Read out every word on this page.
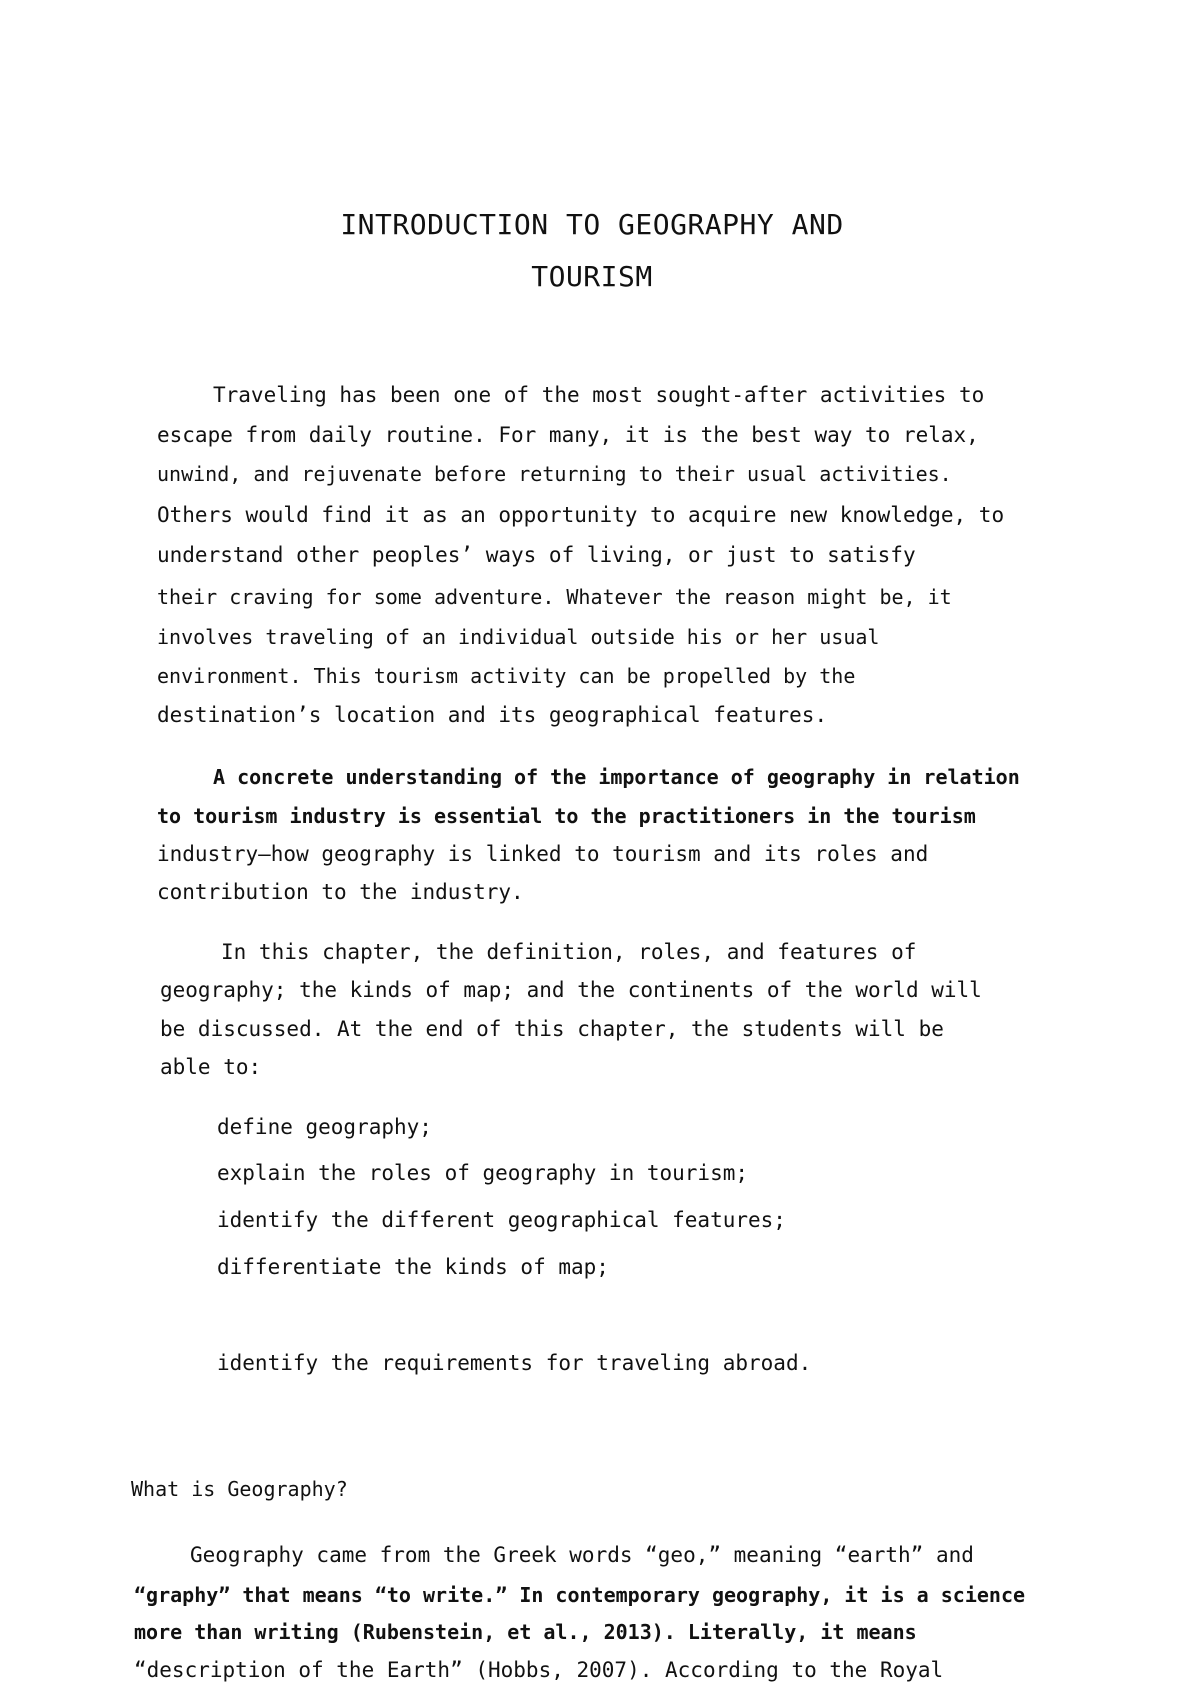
INTRODUCTION TO GEOGRAPHY AND
TOURISM

Traveling has been one of the most sought-after activities to

escape from daily routine. For many, it is the best way to relax,

unwind, and rejuvenate before returning to their usual activities.

Others would find it as an opportunity to acquire new knowledge, to

understand other peoples’ ways of living, or just to satisfy

their craving for some adventure. Whatever the reason might be, it

involves traveling of an individual outside his or her usual

environment. This tourism activity can be propelled by the

destination’s location and its geographical features.

A concrete understanding of the importance of geography in relation

to tourism industry is essential to the practitioners in the tourism

industry—how geography is linked to tourism and its roles and

contribution to the industry.

In this chapter, the definition, roles, and features of

geography; the kinds of map; and the continents of the world will

be discussed. At the end of this chapter, the students will be

able to:

define geography;

explain the roles of geography in tourism;

identify the different geographical features;

differentiate the kinds of map;

identify the requirements for traveling abroad.

What is Geography?

Geography came from the Greek words “geo,” meaning “earth” and

“graphy” that means “to write.” In contemporary geography, it is a science

more than writing (Rubenstein, et al., 2013). Literally, it means

“description of the Earth” (Hobbs, 2007). According to the Royal
